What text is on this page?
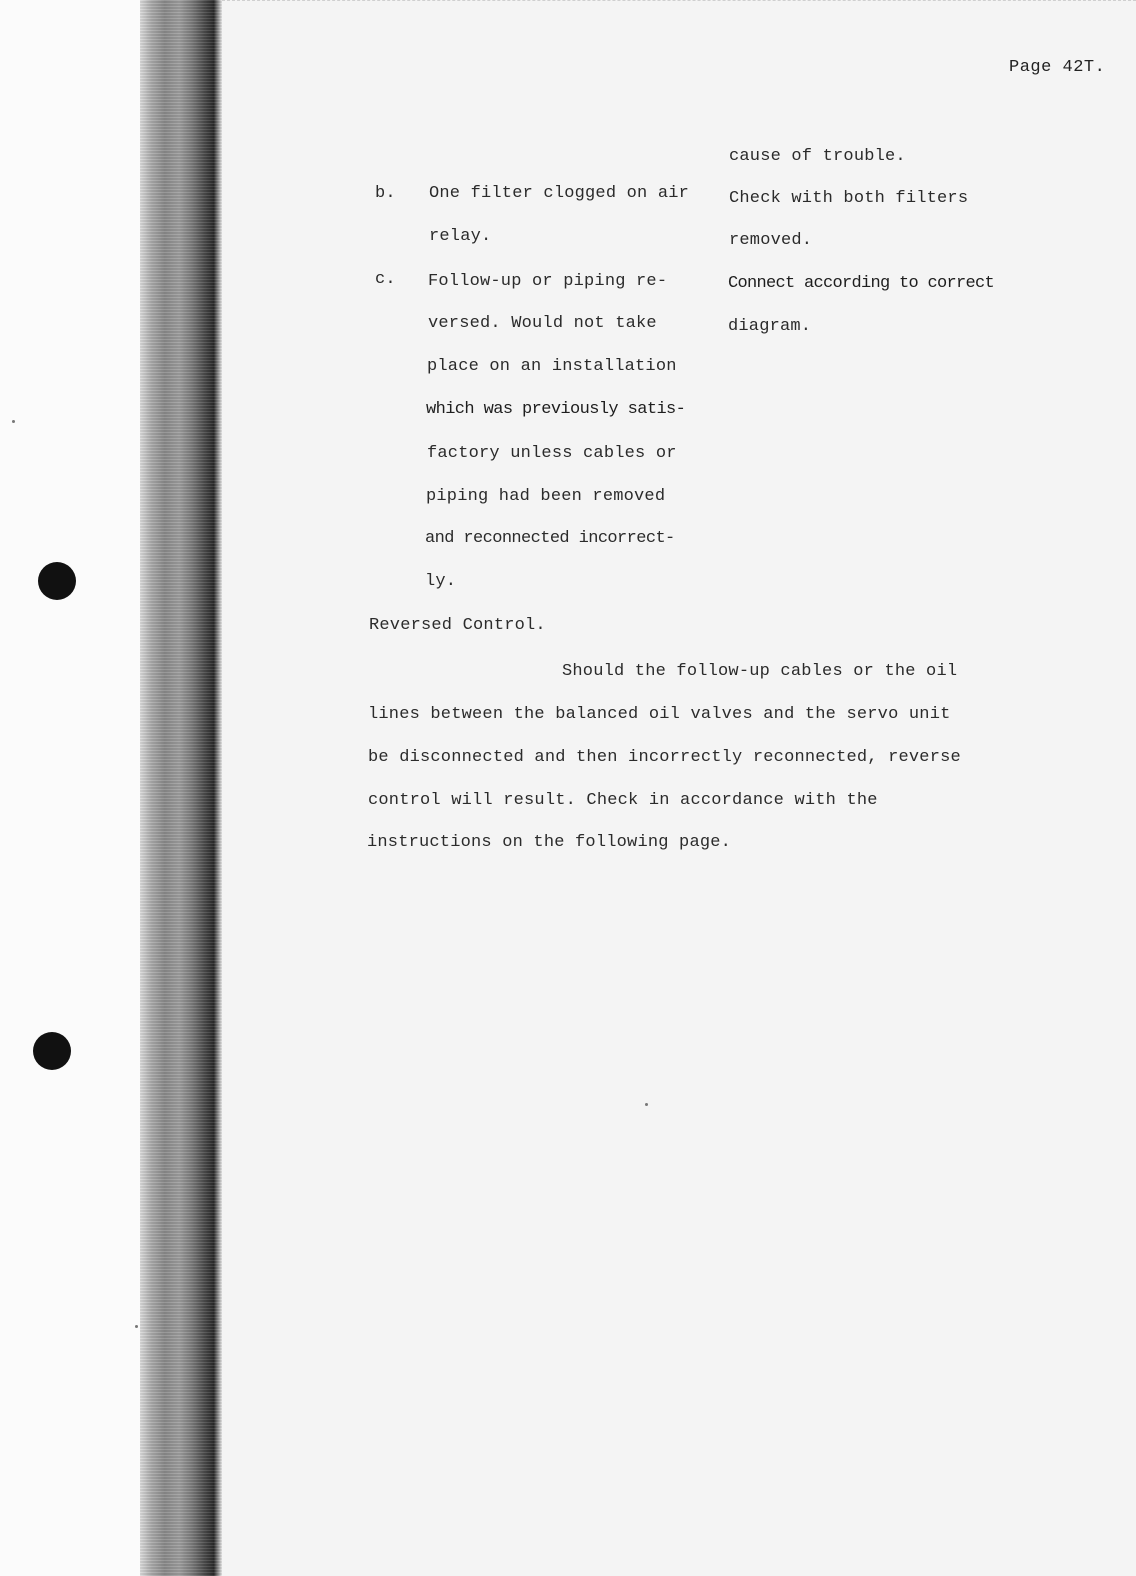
Page 42T.
cause of trouble.
b. One filter clogged on air
relay.
Check with both filters
removed.
c. Follow-up or piping re-
versed. Would not take
place on an installation
which was previously satis-
factory unless cables or
piping had been removed
and reconnected incorrect-
ly.
Connect according to correct
diagram.
Reversed Control.
Should the follow-up cables or the oil
lines between the balanced oil valves and the servo unit
be disconnected and then incorrectly reconnected, reverse
control will result. Check in accordance with the
instructions on the following page.
